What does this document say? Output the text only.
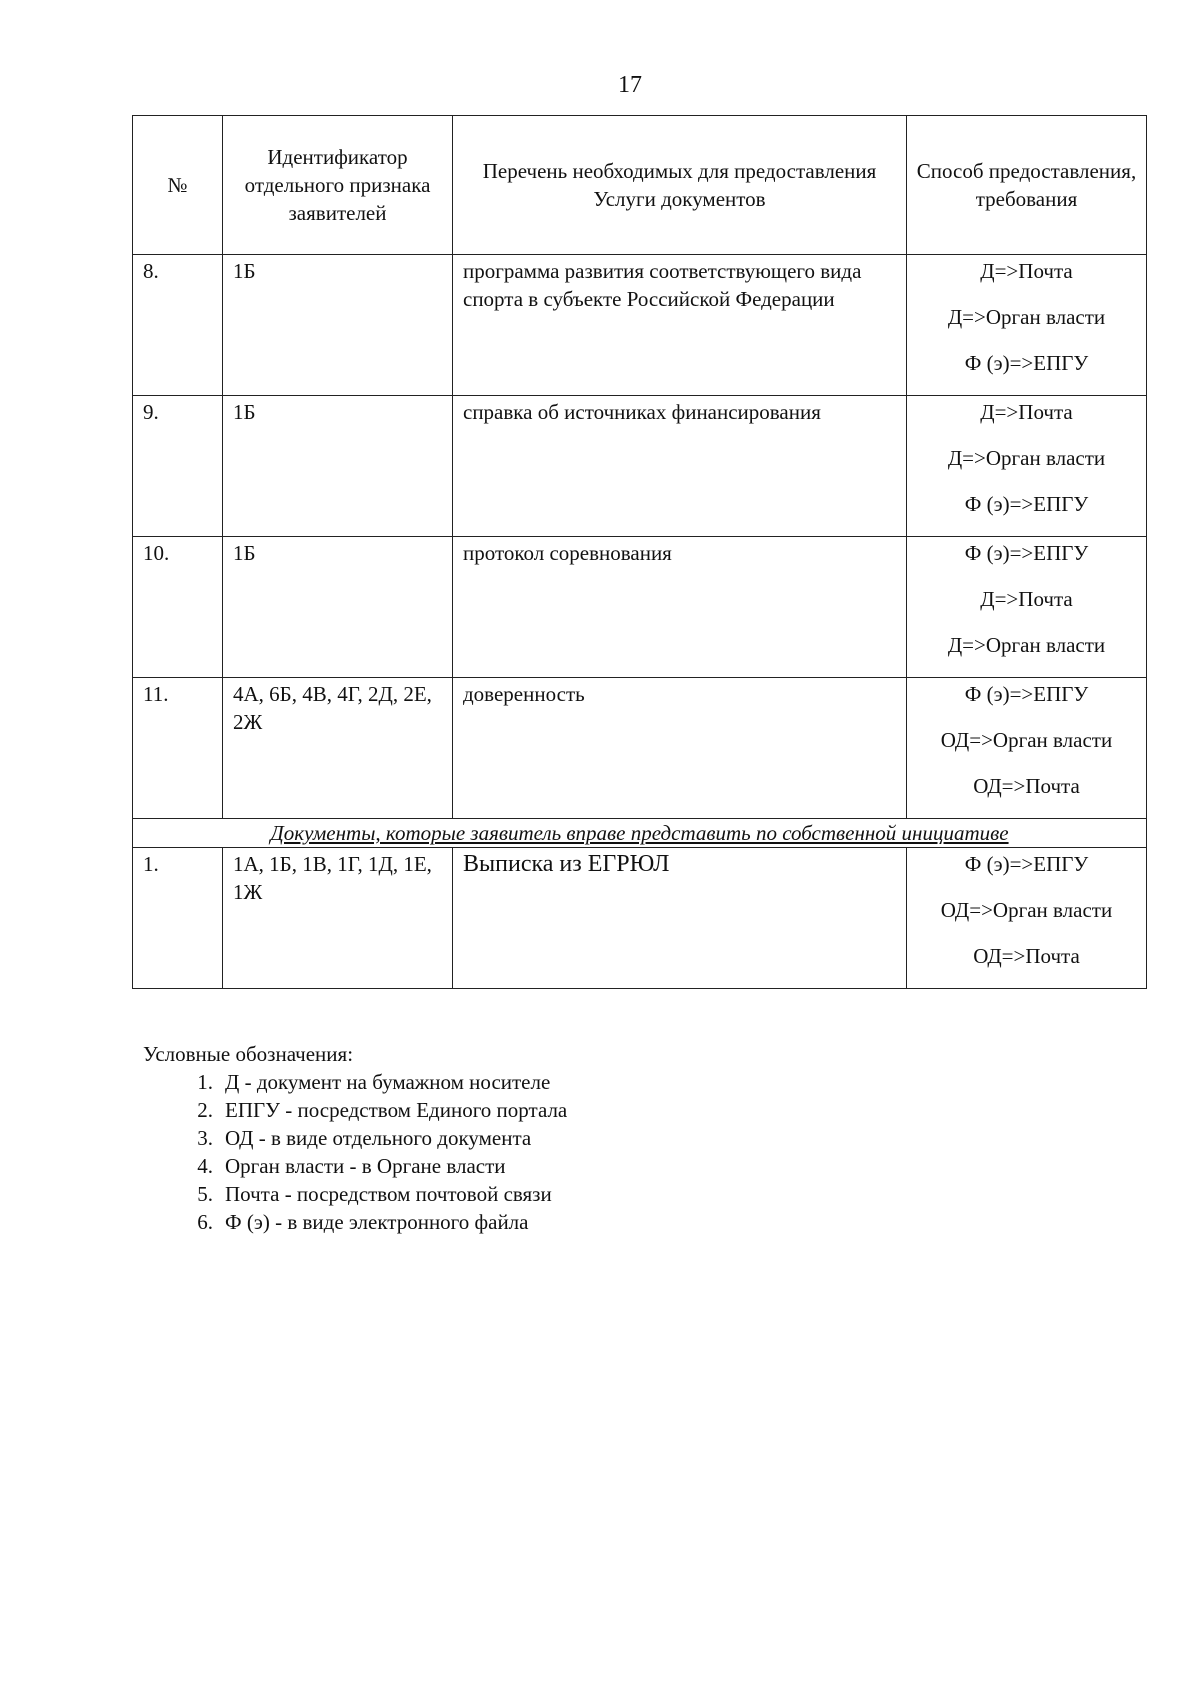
17
№	Идентификатор отдельного признака заявителей	Перечень необходимых для предоставления Услуги документов	Способ предоставления, требования
8.	1Б	программа развития соответствующего вида спорта в субъекте Российской Федерации	Д=>Почта
Д=>Орган власти
Ф (э)=>ЕПГУ

9.	1Б	справка об источниках финансирования	Д=>Почта
Д=>Орган власти
Ф (э)=>ЕПГУ

10.	1Б	протокол соревнования	Ф (э)=>ЕПГУ
Д=>Почта
Д=>Орган власти

11.	4А, 6Б, 4В, 4Г, 2Д, 2Е, 2Ж	доверенность	Ф (э)=>ЕПГУ
ОД=>Орган власти
ОД=>Почта

Документы, которые заявитель вправе представить по собственной инициативе			
1.	1А, 1Б, 1В, 1Г, 1Д, 1Е, 1Ж	Выписка из ЕГРЮЛ	Ф (э)=>ЕПГУ
ОД=>Орган власти
ОД=>Почта

Условные обозначения:

1. Д - документ на бумажном носителе
2. ЕПГУ - посредством Единого портала
3. ОД - в виде отдельного документа
4. Орган власти - в Органе власти
5. Почта - посредством почтовой связи
6. Ф (э) - в виде электронного файла
